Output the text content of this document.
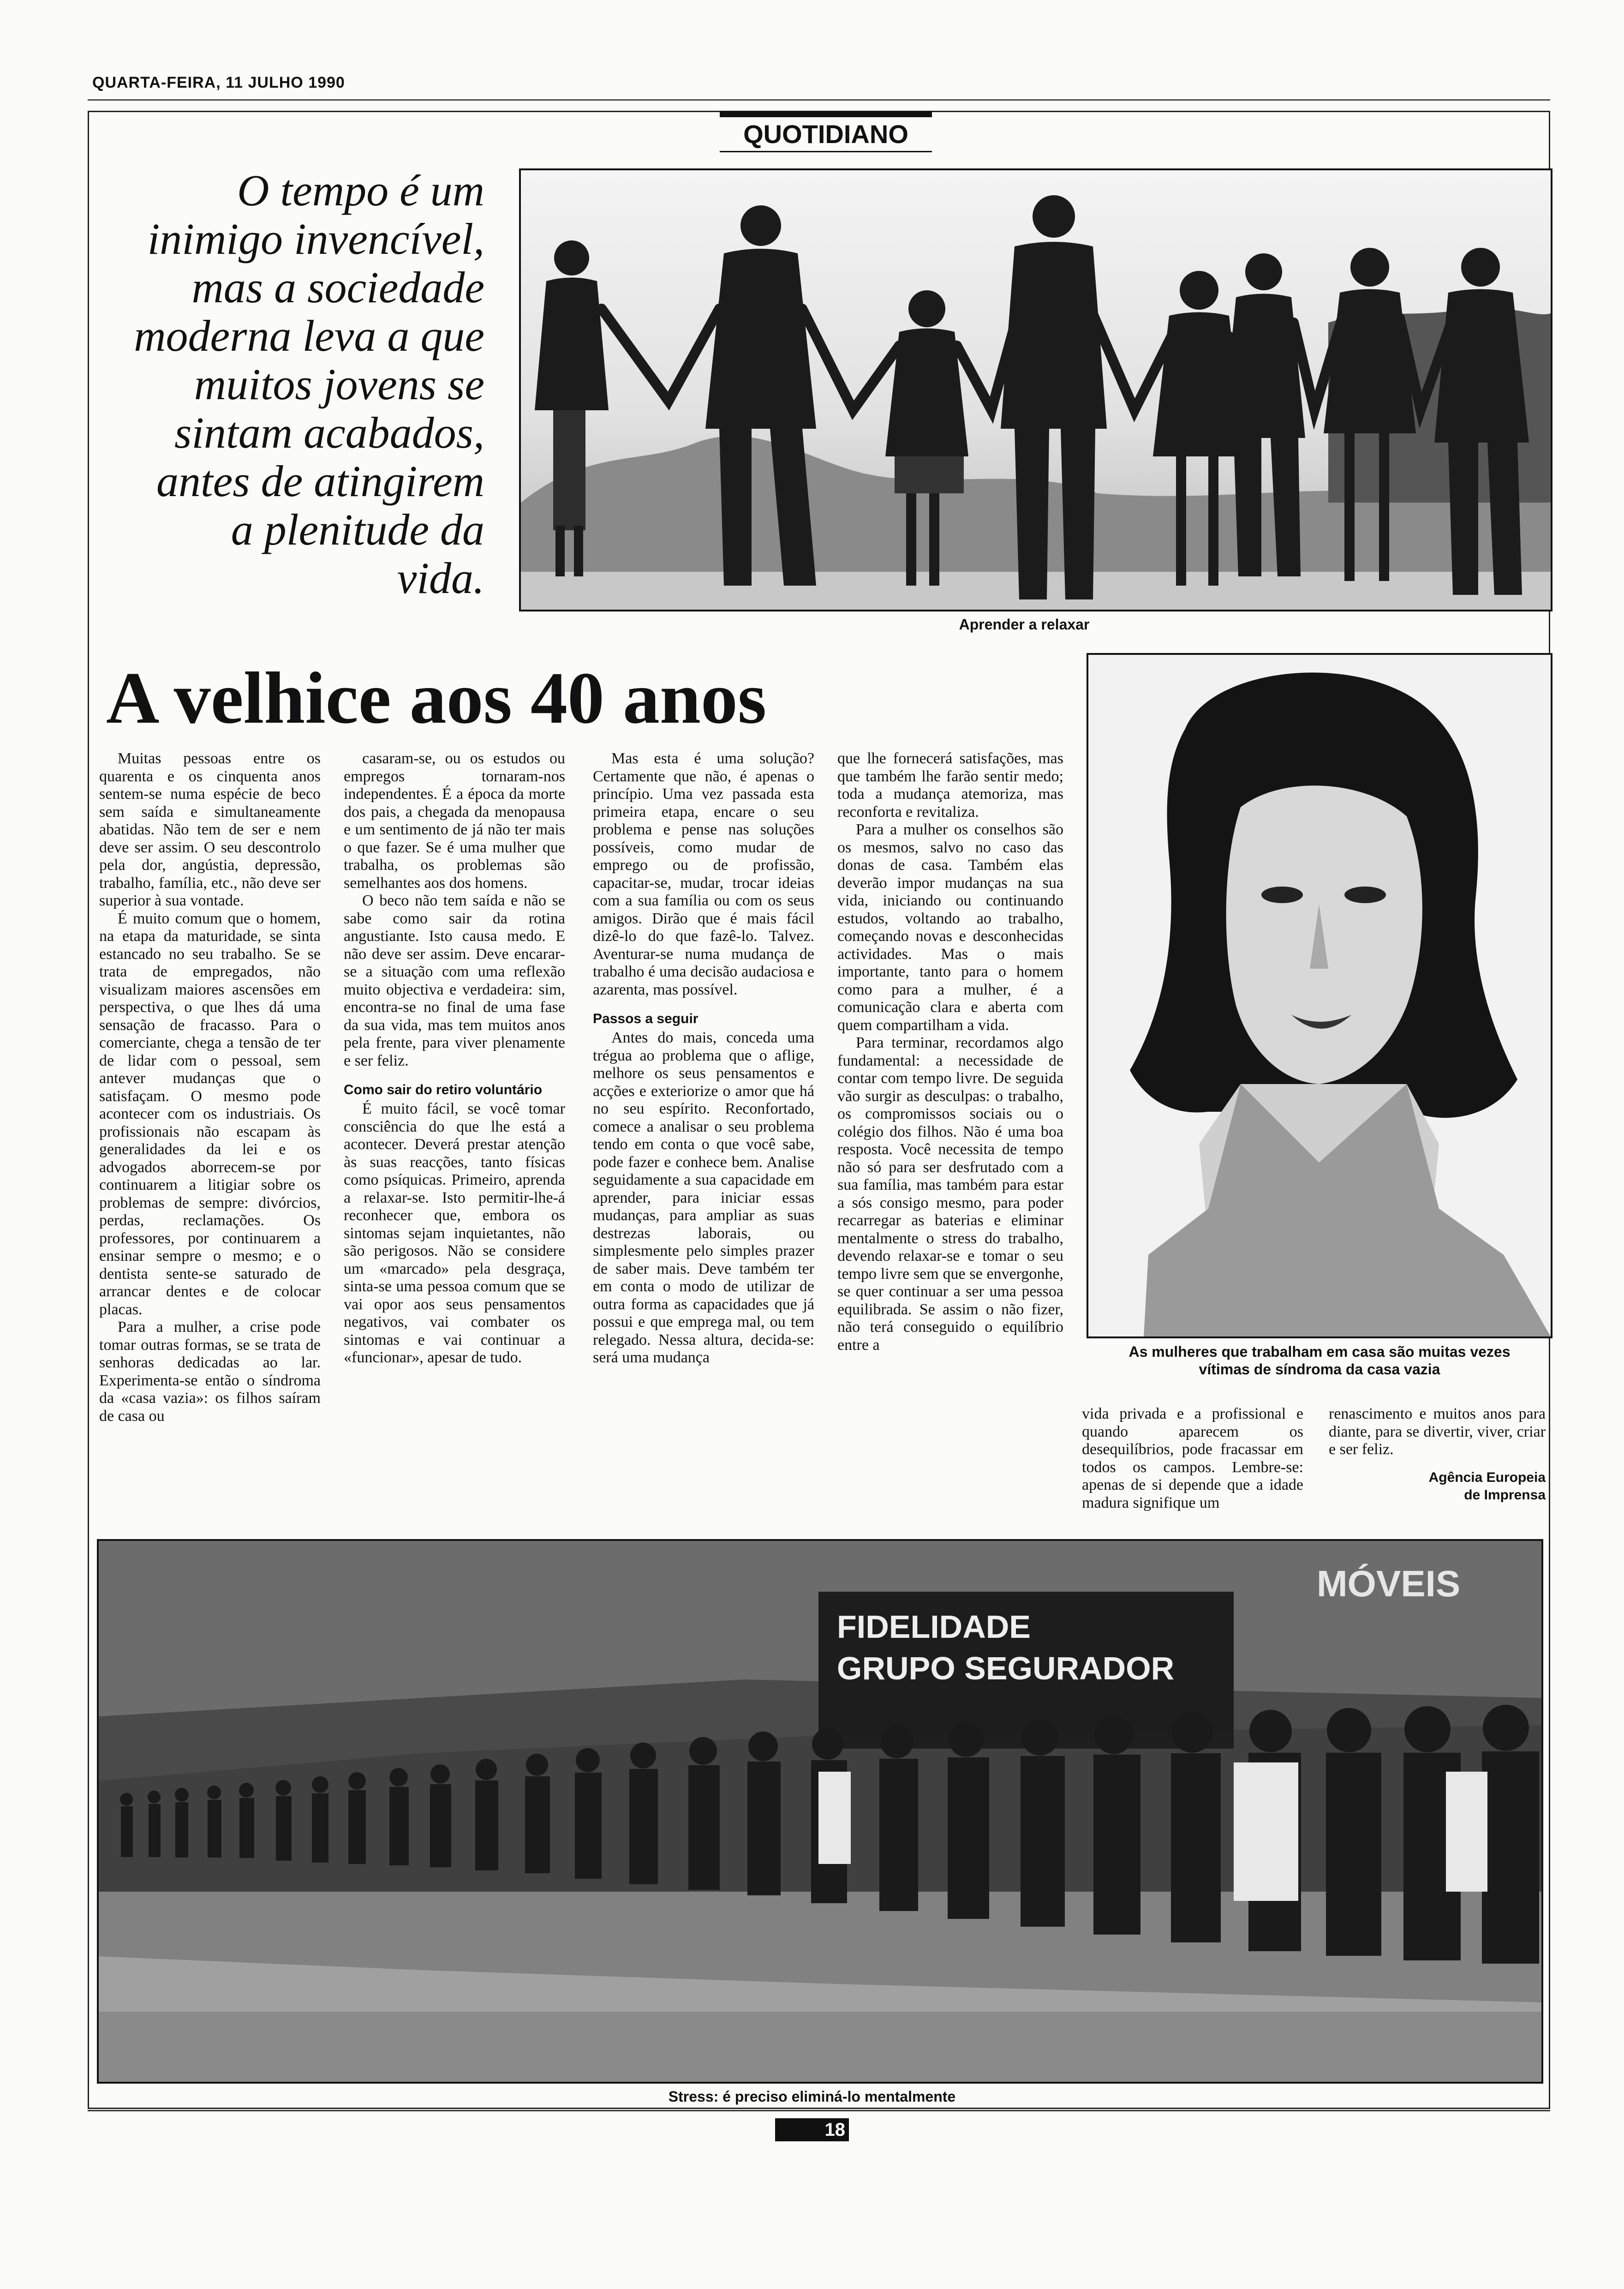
QUARTA-FEIRA, 11 JULHO 1990
QUOTIDIANO
O tempo é um
inimigo invencível,
mas a sociedade
moderna leva a que
muitos jovens se
sintam acabados,
antes de atingirem
a plenitude da
vida.
Aprender a relaxar
A velhice aos 40 anos
As mulheres que trabalham em casa são muitas vezes
vítimas de síndroma da casa vazia

Muitas pessoas entre os quarenta e os cinquenta anos sentem-se numa espécie de beco sem saída e simultaneamente abatidas. Não tem de ser e nem deve ser assim. O seu descontrolo pela dor, angústia, depressão, trabalho, família, etc., não deve ser superior à sua vontade.

É muito comum que o homem, na etapa da maturidade, se sinta estancado no seu trabalho. Se se trata de empregados, não visualizam maiores ascensões em perspectiva, o que lhes dá uma sensação de fracasso. Para o comerciante, chega a tensão de ter de lidar com o pessoal, sem antever mudanças que o satisfaçam. O mesmo pode acontecer com os industriais. Os profissionais não escapam às generalidades da lei e os advogados aborrecem-se por continuarem a litigiar sobre os problemas de sempre: divórcios, perdas, reclamações. Os professores, por continuarem a ensinar sempre o mesmo; e o dentista sente-se saturado de arrancar dentes e de colocar placas.

Para a mulher, a crise pode tomar outras formas, se se trata de senhoras dedicadas ao lar. Experimenta-se então o síndroma da «casa vazia»: os filhos saíram de casa ou

casaram-se, ou os estudos ou empregos tornaram-nos independentes. É a época da morte dos pais, a chegada da menopausa e um sentimento de já não ter mais o que fazer. Se é uma mulher que trabalha, os problemas são semelhantes aos dos homens.

O beco não tem saída e não se sabe como sair da rotina angustiante. Isto causa medo. E não deve ser assim. Deve encarar-se a situação com uma reflexão muito objectiva e verdadeira: sim, encontra-se no final de uma fase da sua vida, mas tem muitos anos pela frente, para viver plenamente e ser feliz.

Como sair do retiro voluntário

É muito fácil, se você tomar consciência do que lhe está a acontecer. Deverá prestar atenção às suas reacções, tanto físicas como psíquicas. Primeiro, aprenda a relaxar-se. Isto permitir-lhe-á reconhecer que, embora os sintomas sejam inquietantes, não são perigosos. Não se considere um «marcado» pela desgraça, sinta-se uma pessoa comum que se vai opor aos seus pensamentos negativos, vai combater os sintomas e vai continuar a «funcionar», apesar de tudo.

Mas esta é uma solução? Certamente que não, é apenas o princípio. Uma vez passada esta primeira etapa, encare o seu problema e pense nas soluções possíveis, como mudar de emprego ou de profissão, capacitar-se, mudar, trocar ideias com a sua família ou com os seus amigos. Dirão que é mais fácil dizê-lo do que fazê-lo. Talvez. Aventurar-se numa mudança de trabalho é uma decisão audaciosa e azarenta, mas possível.

Passos a seguir

Antes do mais, conceda uma trégua ao problema que o aflige, melhore os seus pensamentos e acções e exteriorize o amor que há no seu espírito. Reconfortado, comece a analisar o seu problema tendo em conta o que você sabe, pode fazer e conhece bem. Analise seguidamente a sua capacidade em aprender, para iniciar essas mudanças, para ampliar as suas destrezas laborais, ou simplesmente pelo simples prazer de saber mais. Deve também ter em conta o modo de utilizar de outra forma as capacidades que já possui e que emprega mal, ou tem relegado. Nessa altura, decida-se: será uma mudança

que lhe fornecerá satisfações, mas que também lhe farão sentir medo; toda a mudança atemoriza, mas reconforta e revitaliza.

Para a mulher os conselhos são os mesmos, salvo no caso das donas de casa. Também elas deverão impor mudanças na sua vida, iniciando ou continuando estudos, voltando ao trabalho, começando novas e desconhecidas actividades. Mas o mais importante, tanto para o homem como para a mulher, é a comunicação clara e aberta com quem compartilham a vida.

Para terminar, recordamos algo fundamental: a necessidade de contar com tempo livre. De seguida vão surgir as desculpas: o trabalho, os compromissos sociais ou o colégio dos filhos. Não é uma boa resposta. Você necessita de tempo não só para ser desfrutado com a sua família, mas também para estar a sós consigo mesmo, para poder recarregar as baterias e eliminar mentalmente o stress do trabalho, devendo relaxar-se e tomar o seu tempo livre sem que se envergonhe, se quer continuar a ser uma pessoa equilibrada. Se assim o não fizer, não terá conseguido o equilíbrio entre a

vida privada e a profissional e quando aparecem os desequilíbrios, pode fracassar em todos os campos. Lembre-se: apenas de si depende que a idade madura signifique um

renascimento e muitos anos para diante, para se divertir, viver, criar e ser feliz.

Agência Europeia
de Imprensa
FIDELIDADE
GRUPO SEGURADOR
MÓVEIS
Stress: é preciso eliminá-lo mentalmente
18
